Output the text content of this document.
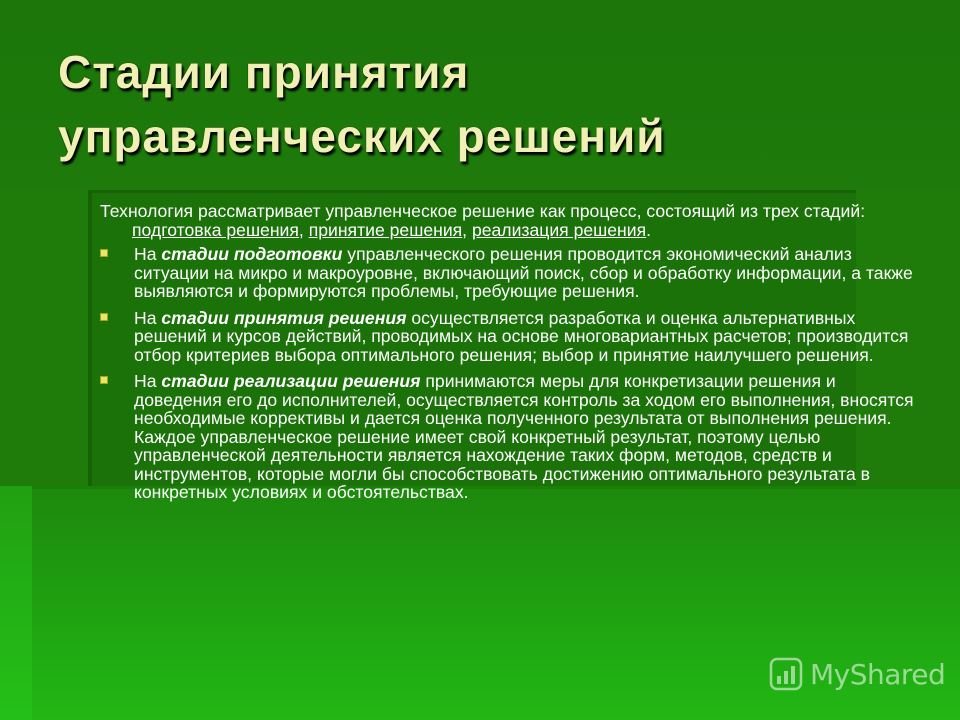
Стадии принятия
управленческих решений

Технология рассматривает управленческое решение как процесс, состоящий из трех стадий: подготовка решения, принятие решения, реализация решения.

На стадии подготовки управленческого решения проводится экономический анализ ситуации на микро и макроуровне, включающий поиск, сбор и обработку информации, а также выявляются и формируются проблемы, требующие решения.
На стадии принятия решения осуществляется разработка и оценка альтернативных решений и курсов действий, проводимых на основе многовариантных расчетов; производится отбор критериев выбора оптимального решения; выбор и принятие наилучшего решения.
На стадии реализации решения принимаются меры для конкретизации решения и доведения его до исполнителей, осуществляется контроль за ходом его выполнения, вносятся необходимые коррективы и дается оценка полученного результата от выполнения решения. Каждое управленческое решение имеет свой конкретный результат, поэтому целью управленческой деятельности является нахождение таких форм, методов, средств и инструментов, которые могли бы способствовать достижению оптимального результата в конкретных условиях и обстоятельствах.
MyShared
